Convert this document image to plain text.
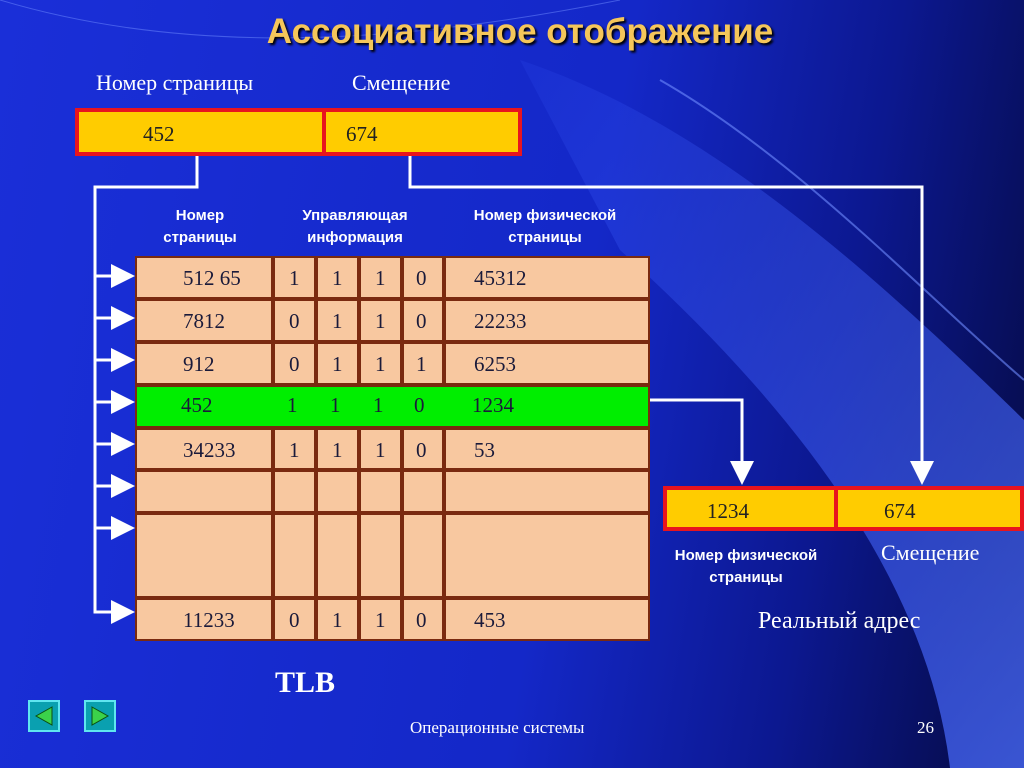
Ассоциативное отображение
Номер страницы	Смещение
452	674
Номер страницы
Управляющая информация
Номер физической страницы
512 65	1	1	1	0	45312
7812	0	1	1	0	22233
912	0	1	1	1	6253
452	1	1	1	0	1234
34233	1	1	1	0	53
11233	0	1	1	0	453
TLB
1234	674
Номер физической страницы
Смещение
Реальный адрес
Операционные системы	26
